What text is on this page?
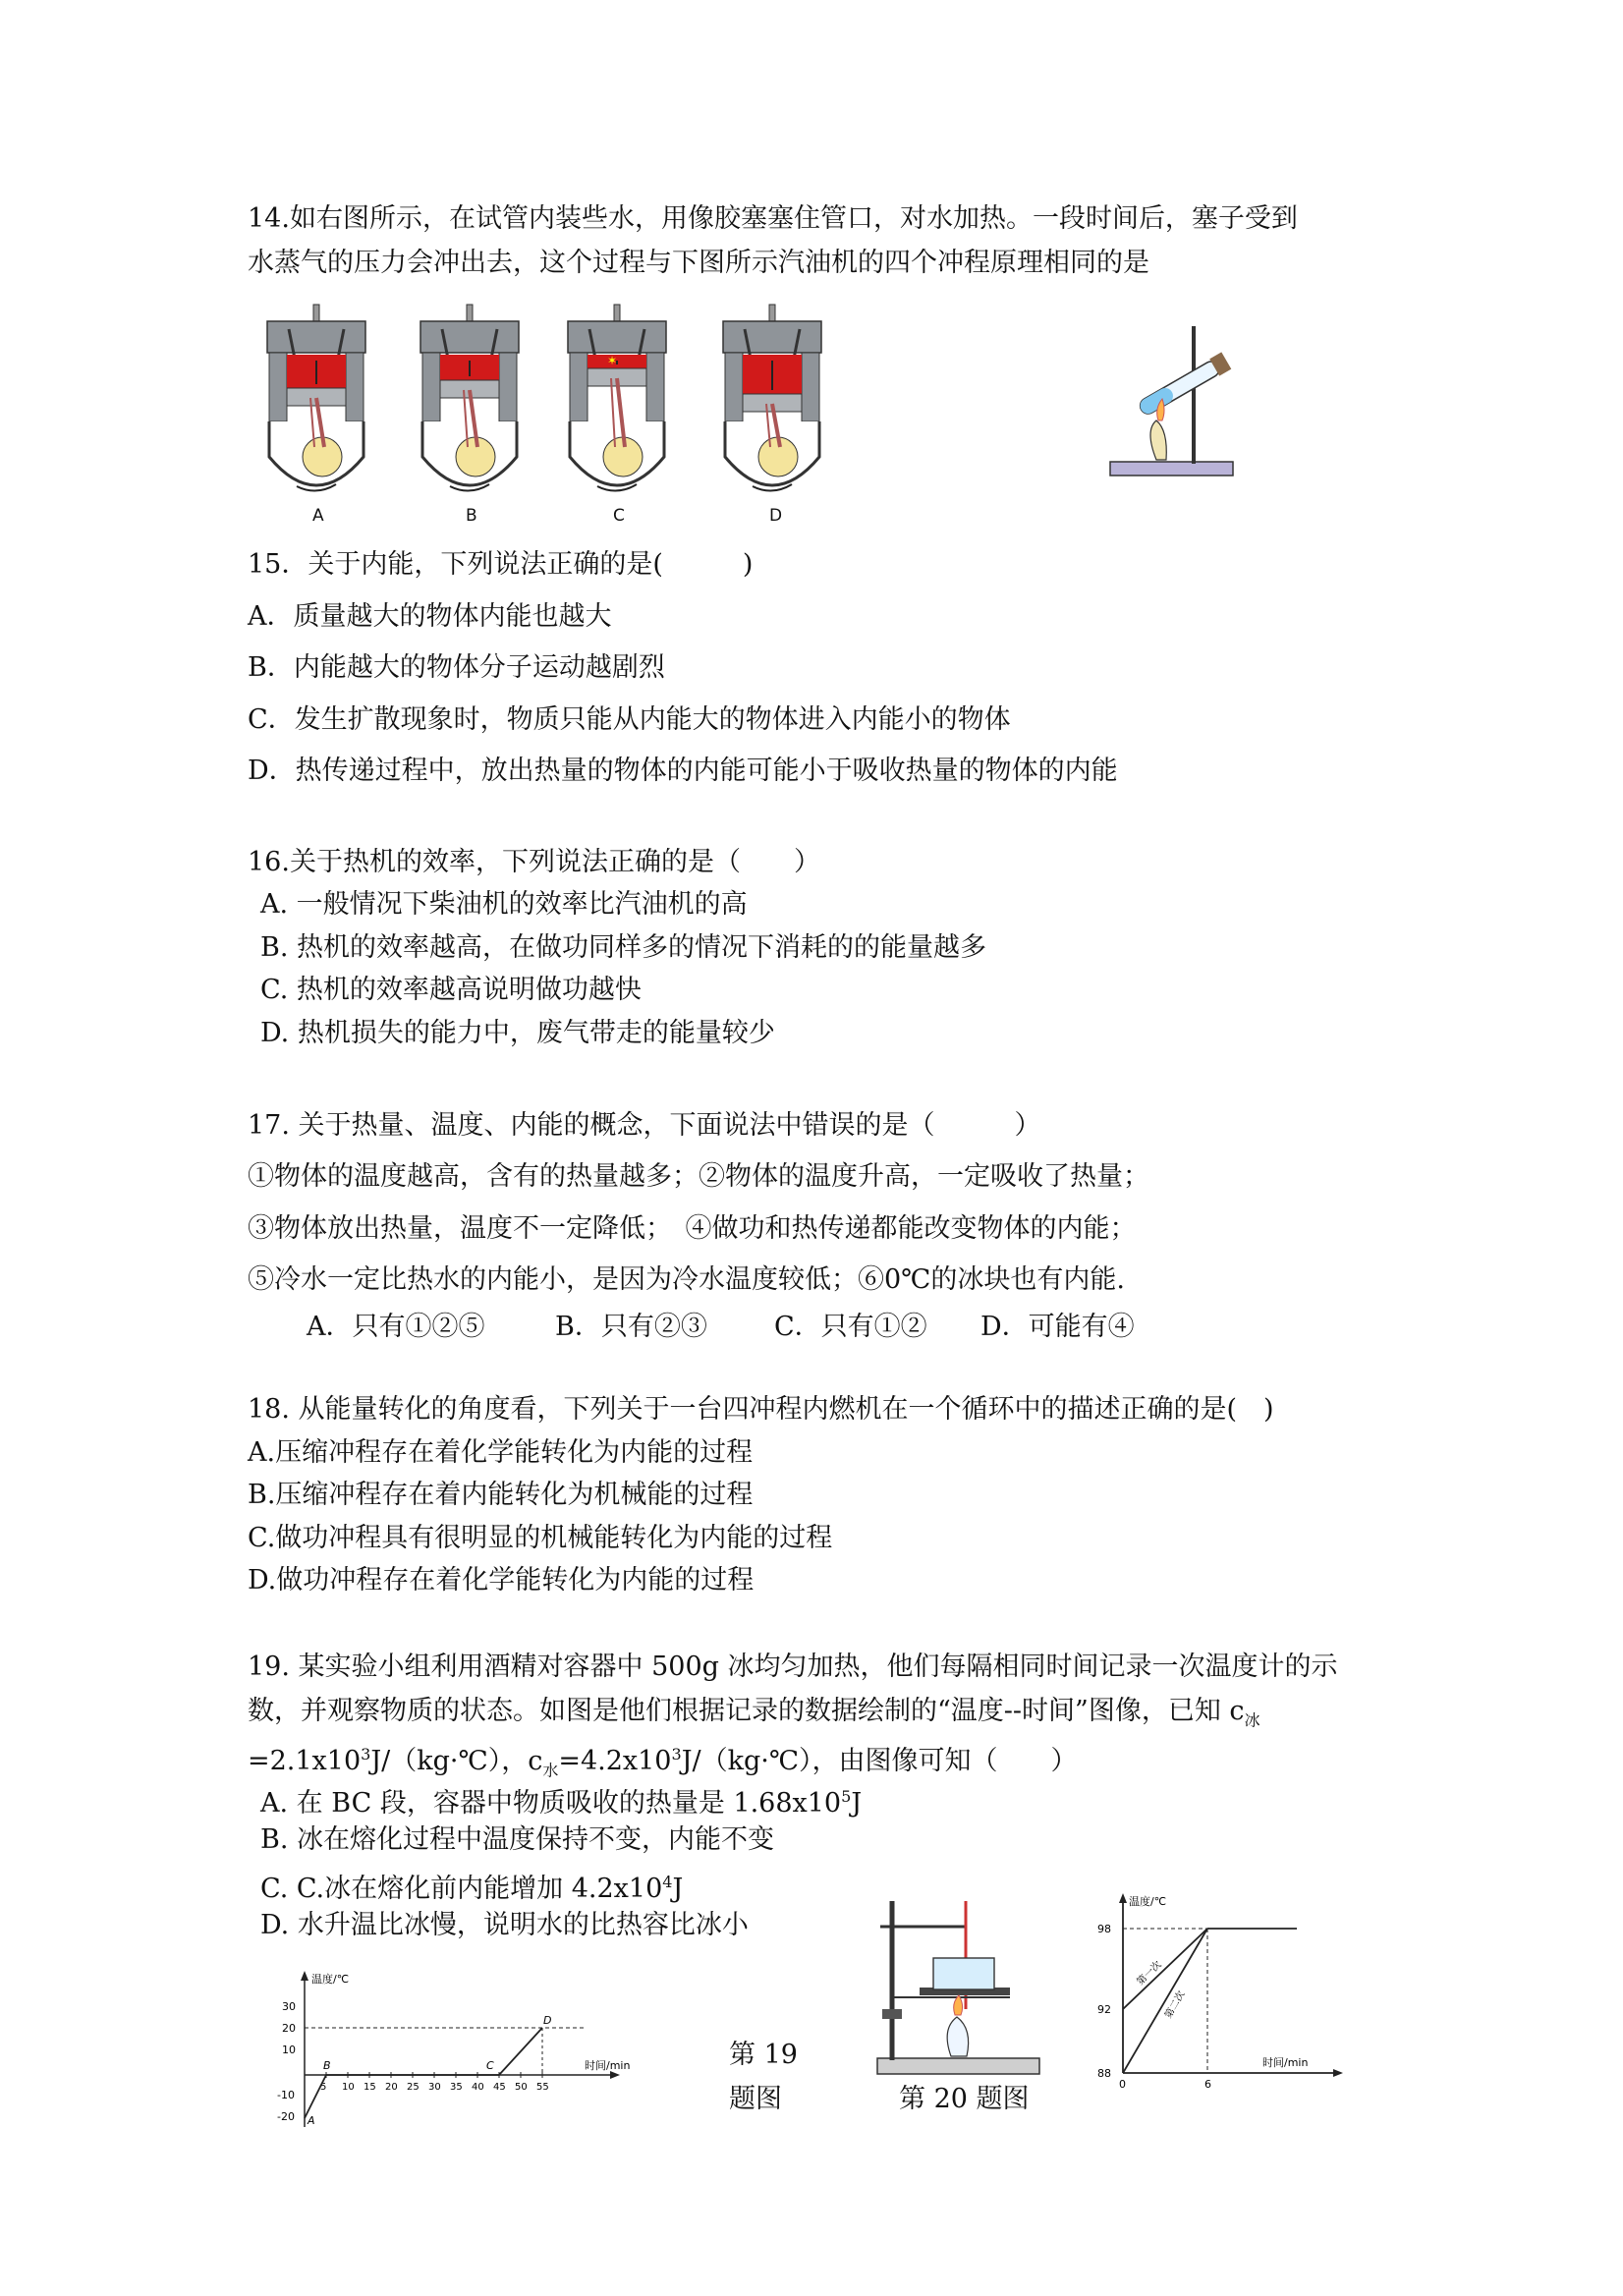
14.如右图所示，在试管内装些水，用像胶塞塞住管口，对水加热。一段时间后，塞子受到
水蒸气的压力会冲出去，这个过程与下图所示汽油机的四个冲程原理相同的是
✶
A	B	C	D
15．关于内能，下列说法正确的是(　　　)
A．质量越大的物体内能也越大
B．内能越大的物体分子运动越剧烈
C．发生扩散现象时，物质只能从内能大的物体进入内能小的物体
D．热传递过程中，放出热量的物体的内能可能小于吸收热量的物体的内能
16.关于热机的效率，下列说法正确的是（　　）
A. 一般情况下柴油机的效率比汽油机的高
B. 热机的效率越高，在做功同样多的情况下消耗的的能量越多
C. 热机的效率越高说明做功越快
D. 热机损失的能力中，废气带走的能量较少
17. 关于热量、温度、内能的概念，下面说法中错误的是（　　　）
①物体的温度越高，含有的热量越多；②物体的温度升高，一定吸收了热量；
③物体放出热量，温度不一定降低；　④做功和热传递都能改变物体的内能；
⑤冷水一定比热水的内能小，是因为冷水温度较低；⑥0℃的冰块也有内能.
A．只有①②⑤	B．只有②③	C．只有①② D．可能有④
18. 从能量转化的角度看，下列关于一台四冲程内燃机在一个循环中的描述正确的是(　)
A.压缩冲程存在着化学能转化为内能的过程
B.压缩冲程存在着内能转化为机械能的过程
C.做功冲程具有很明显的机械能转化为内能的过程
D.做功冲程存在着化学能转化为内能的过程
19. 某实验小组利用酒精对容器中 500g 冰均匀加热，他们每隔相同时间记录一次温度计的示
数，并观察物质的状态。如图是他们根据记录的数据绘制的“温度--时间”图像，已知 $c_冰$
$=2.1x10^3J/(kg\cdot℃)$，$c_水=4.2x10^3J/(kg\cdot℃)$，由图像可知（　　）
A. 在 BC 段，容器中物质吸收的热量是 $1.68x10^5J$
B. 冰在熔化过程中温度保持不变，内能不变
C. C.冰在熔化前内能增加 $4.2x10^4J$
D. 水升温比冰慢，说明水的比热容比冰小
温度/℃
时间/min
30
20
10
-10
-20
5 10 15 20 25 30 35 40 45 50 55
A
B	C
D
第 19
题图	第 20 题图
温度/℃
时间/min
98
92
88
0	6
第一次
第二次
